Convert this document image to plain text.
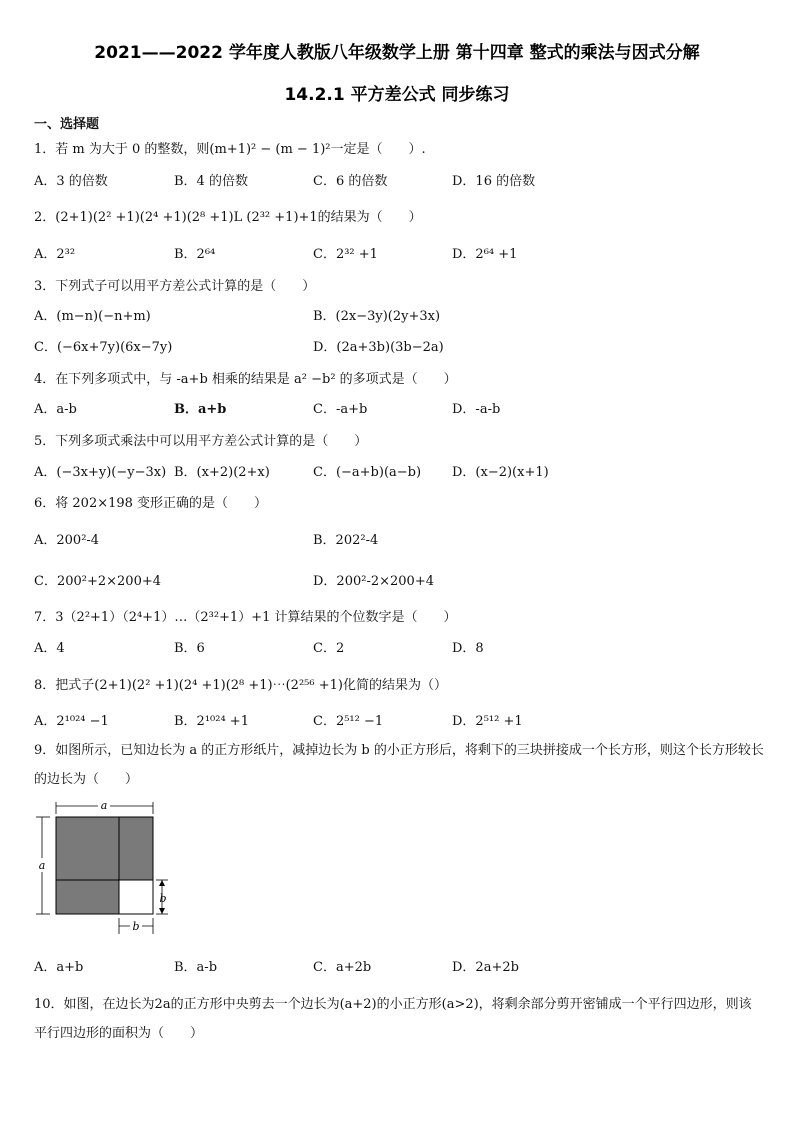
2021——2022 学年度人教版八年级数学上册 第十四章 整式的乘法与因式分解
14.2.1 平方差公式 同步练习
一、选择题
1．若 m 为大于 0 的整数，则(m+1)² − (m − 1)²一定是（　　）.
A．3 的倍数	B．4 的倍数	C．6 的倍数	D．16 的倍数
2．(2+1)(2² +1)(2⁴ +1)(2⁸ +1)L (2³² +1)+1的结果为（　　）
A．2³²	B．2⁶⁴	C．2³² +1	D．2⁶⁴ +1
3．下列式子可以用平方差公式计算的是（　　）
A．(m−n)(−n+m)	B．(2x−3y)(2y+3x)
C．(−6x+7y)(6x−7y)	D．(2a+3b)(3b−2a)
4．在下列多项式中，与 -a+b 相乘的结果是 a² −b² 的多项式是（　　）
A．a-b	B．a+b	C．-a+b	D．-a-b
5．下列多项式乘法中可以用平方差公式计算的是（　　）
A．(−3x+y)(−y−3x) B．(x+2)(2+x)	C．(−a+b)(a−b) D．(x−2)(x+1)
6．将 202×198 变形正确的是（　　）
A．200²-4	B．202²-4
C．200²+2×200+4	D．200²-2×200+4
7．3（2²+1）（2⁴+1）…（2³²+1）+1 计算结果的个位数字是（　　）
A．4	B．6	C．2	D．8
8．把式子(2+1)(2² +1)(2⁴ +1)(2⁸ +1)⋯(2²⁵⁶ +1)化简的结果为（）
A．2¹⁰²⁴ −1	B．2¹⁰²⁴ +1	C．2⁵¹² −1	D．2⁵¹² +1
9．如图所示，已知边长为 a 的正方形纸片，减掉边长为 b 的小正方形后，将剩下的三块拼接成一个长方形，则这个长方形较长的边长为（　　）
a
a
b
b
A．a+b	B．a-b	C．a+2b	D．2a+2b
10．如图，在边长为2a的正方形中央剪去一个边长为(a+2)的小正方形(a>2)，将剩余部分剪开密铺成一个平行四边形，则该平行四边形的面积为（　　）
